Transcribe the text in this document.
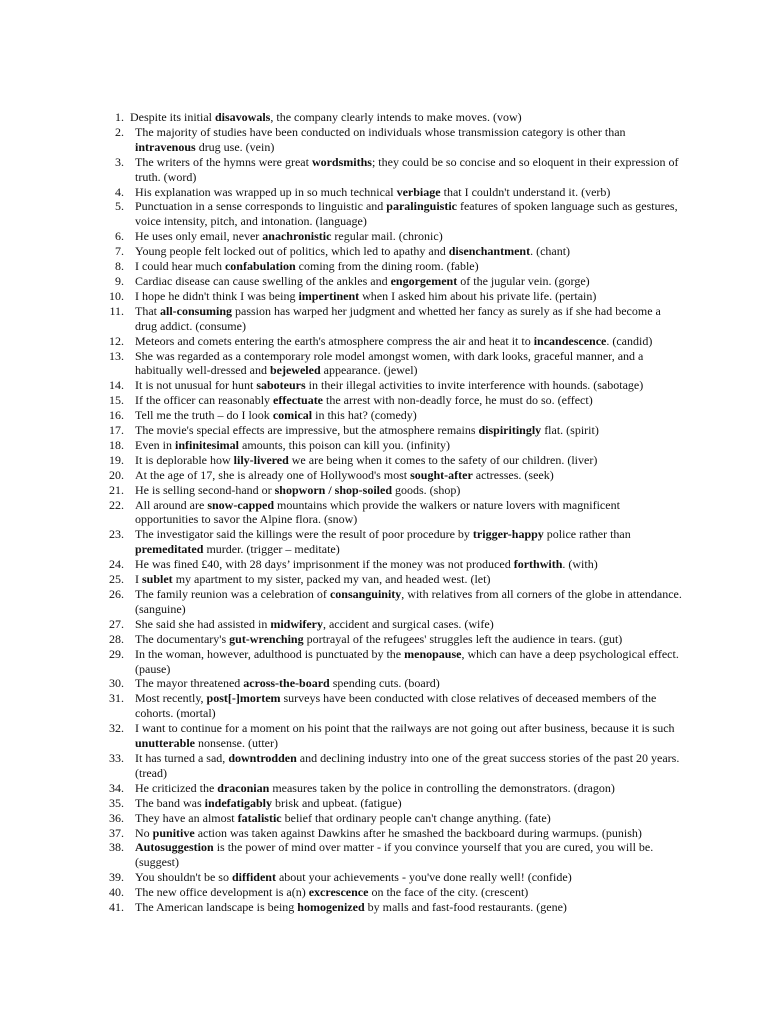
1. Despite its initial disavowals, the company clearly intends to make moves. (vow)
2. The majority of studies have been conducted on individuals whose transmission category is other than intravenous drug use. (vein)
3. The writers of the hymns were great wordsmiths; they could be so concise and so eloquent in their expression of truth. (word)
4. His explanation was wrapped up in so much technical verbiage that I couldn't understand it. (verb)
5. Punctuation in a sense corresponds to linguistic and paralinguistic features of spoken language such as gestures, voice intensity, pitch, and intonation. (language)
6. He uses only email, never anachronistic regular mail. (chronic)
7. Young people felt locked out of politics, which led to apathy and disenchantment. (chant)
8. I could hear much confabulation coming from the dining room. (fable)
9. Cardiac disease can cause swelling of the ankles and engorgement of the jugular vein. (gorge)
10. I hope he didn't think I was being impertinent when I asked him about his private life. (pertain)
11. That all-consuming passion has warped her judgment and whetted her fancy as surely as if she had become a drug addict. (consume)
12. Meteors and comets entering the earth's atmosphere compress the air and heat it to incandescence. (candid)
13. She was regarded as a contemporary role model amongst women, with dark looks, graceful manner, and a habitually well-dressed and bejeweled appearance. (jewel)
14. It is not unusual for hunt saboteurs in their illegal activities to invite interference with hounds. (sabotage)
15. If the officer can reasonably effectuate the arrest with non-deadly force, he must do so. (effect)
16. Tell me the truth – do I look comical in this hat? (comedy)
17. The movie's special effects are impressive, but the atmosphere remains dispiritingly flat. (spirit)
18. Even in infinitesimal amounts, this poison can kill you. (infinity)
19. It is deplorable how lily-livered we are being when it comes to the safety of our children. (liver)
20. At the age of 17, she is already one of Hollywood's most sought-after actresses. (seek)
21. He is selling second-hand or shopworn / shop-soiled goods. (shop)
22. All around are snow-capped mountains which provide the walkers or nature lovers with magnificent opportunities to savor the Alpine flora. (snow)
23. The investigator said the killings were the result of poor procedure by trigger-happy police rather than premeditated murder. (trigger – meditate)
24. He was fined £40, with 28 days’ imprisonment if the money was not produced forthwith. (with)
25. I sublet my apartment to my sister, packed my van, and headed west. (let)
26. The family reunion was a celebration of consanguinity, with relatives from all corners of the globe in attendance. (sanguine)
27. She said she had assisted in midwifery, accident and surgical cases. (wife)
28. The documentary's gut-wrenching portrayal of the refugees' struggles left the audience in tears. (gut)
29. In the woman, however, adulthood is punctuated by the menopause, which can have a deep psychological effect. (pause)
30. The mayor threatened across-the-board spending cuts. (board)
31. Most recently, post[-]mortem surveys have been conducted with close relatives of deceased members of the cohorts. (mortal)
32. I want to continue for a moment on his point that the railways are not going out after business, because it is such unutterable nonsense. (utter)
33. It has turned a sad, downtrodden and declining industry into one of the great success stories of the past 20 years. (tread)
34. He criticized the draconian measures taken by the police in controlling the demonstrators. (dragon)
35. The band was indefatigably brisk and upbeat. (fatigue)
36. They have an almost fatalistic belief that ordinary people can't change anything. (fate)
37. No punitive action was taken against Dawkins after he smashed the backboard during warmups. (punish)
38. Autosuggestion is the power of mind over matter - if you convince yourself that you are cured, you will be. (suggest)
39. You shouldn't be so diffident about your achievements - you've done really well! (confide)
40. The new office development is a(n) excrescence on the face of the city. (crescent)
41. The American landscape is being homogenized by malls and fast-food restaurants. (gene)
